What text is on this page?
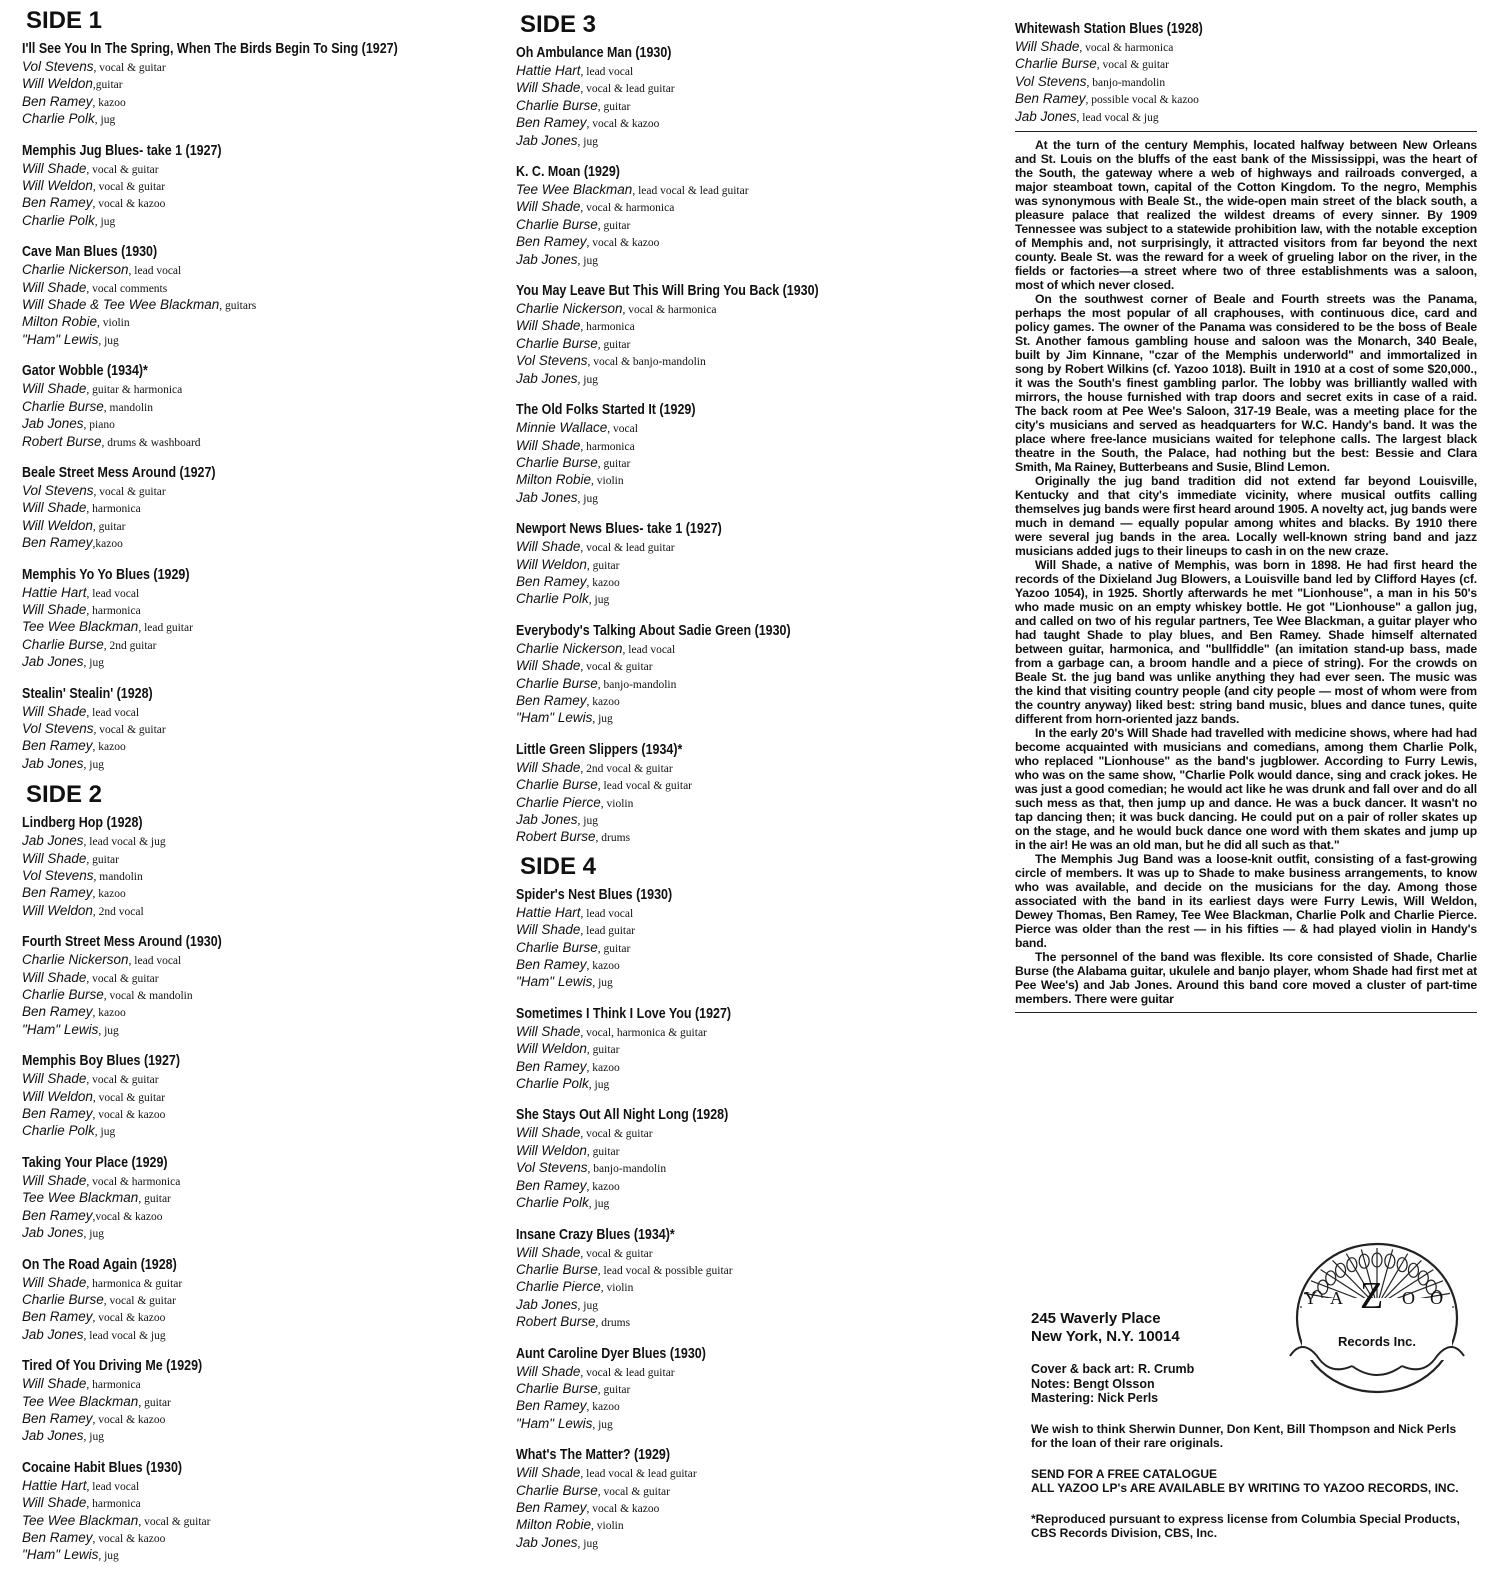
SIDE 1
I'll See You In The Spring, When The Birds Begin To Sing (1927)
Vol Stevens, vocal & guitar
Will Weldon,guitar
Ben Ramey, kazoo
Charlie Polk, jug
Memphis Jug Blues- take 1 (1927)
Will Shade, vocal & guitar
Will Weldon, vocal & guitar
Ben Ramey, vocal & kazoo
Charlie Polk, jug
Cave Man Blues (1930)
Charlie Nickerson, lead vocal
Will Shade, vocal comments
Will Shade & Tee Wee Blackman, guitars
Milton Robie, violin
"Ham" Lewis, jug
Gator Wobble (1934)*
Will Shade, guitar & harmonica
Charlie Burse, mandolin
Jab Jones, piano
Robert Burse, drums & washboard
Beale Street Mess Around (1927)
Vol Stevens, vocal & guitar
Will Shade, harmonica
Will Weldon, guitar
Ben Ramey,kazoo
Memphis Yo Yo Blues (1929)
Hattie Hart, lead vocal
Will Shade, harmonica
Tee Wee Blackman, lead guitar
Charlie Burse, 2nd guitar
Jab Jones, jug
Stealin' Stealin' (1928)
Will Shade, lead vocal
Vol Stevens, vocal & guitar
Ben Ramey, kazoo
Jab Jones, jug
SIDE 2
Lindberg Hop (1928)
Jab Jones, lead vocal & jug
Will Shade, guitar
Vol Stevens, mandolin
Ben Ramey, kazoo
Will Weldon, 2nd vocal
Fourth Street Mess Around (1930)
Charlie Nickerson, lead vocal
Will Shade, vocal & guitar
Charlie Burse, vocal & mandolin
Ben Ramey, kazoo
"Ham" Lewis, jug
Memphis Boy Blues (1927)
Will Shade, vocal & guitar
Will Weldon, vocal & guitar
Ben Ramey, vocal & kazoo
Charlie Polk, jug
Taking Your Place (1929)
Will Shade, vocal & harmonica
Tee Wee Blackman, guitar
Ben Ramey,vocal & kazoo
Jab Jones, jug
On The Road Again (1928)
Will Shade, harmonica & guitar
Charlie Burse, vocal & guitar
Ben Ramey, vocal & kazoo
Jab Jones, lead vocal & jug
Tired Of You Driving Me (1929)
Will Shade, harmonica
Tee Wee Blackman, guitar
Ben Ramey, vocal & kazoo
Jab Jones, jug
Cocaine Habit Blues (1930)
Hattie Hart, lead vocal
Will Shade, harmonica
Tee Wee Blackman, vocal & guitar
Ben Ramey, vocal & kazoo
"Ham" Lewis, jug
SIDE 3
Oh Ambulance Man (1930)
Hattie Hart, lead vocal
Will Shade, vocal & lead guitar
Charlie Burse, guitar
Ben Ramey, vocal & kazoo
Jab Jones, jug
K. C. Moan (1929)
Tee Wee Blackman, lead vocal & lead guitar
Will Shade, vocal & harmonica
Charlie Burse, guitar
Ben Ramey, vocal & kazoo
Jab Jones, jug
You May Leave But This Will Bring You Back (1930)
Charlie Nickerson, vocal & harmonica
Will Shade, harmonica
Charlie Burse, guitar
Vol Stevens, vocal & banjo-mandolin
Jab Jones, jug
The Old Folks Started It (1929)
Minnie Wallace, vocal
Will Shade, harmonica
Charlie Burse, guitar
Milton Robie, violin
Jab Jones, jug
Newport News Blues- take 1 (1927)
Will Shade, vocal & lead guitar
Will Weldon, guitar
Ben Ramey, kazoo
Charlie Polk, jug
Everybody's Talking About Sadie Green (1930)
Charlie Nickerson, lead vocal
Will Shade, vocal & guitar
Charlie Burse, banjo-mandolin
Ben Ramey, kazoo
"Ham" Lewis, jug
Little Green Slippers (1934)*
Will Shade, 2nd vocal & guitar
Charlie Burse, lead vocal & guitar
Charlie Pierce, violin
Jab Jones, jug
Robert Burse, drums
SIDE 4
Spider's Nest Blues (1930)
Hattie Hart, lead vocal
Will Shade, lead guitar
Charlie Burse, guitar
Ben Ramey, kazoo
"Ham" Lewis, jug
Sometimes I Think I Love You (1927)
Will Shade, vocal, harmonica & guitar
Will Weldon, guitar
Ben Ramey, kazoo
Charlie Polk, jug
She Stays Out All Night Long (1928)
Will Shade, vocal & guitar
Will Weldon, guitar
Vol Stevens, banjo-mandolin
Ben Ramey, kazoo
Charlie Polk, jug
Insane Crazy Blues (1934)*
Will Shade, vocal & guitar
Charlie Burse, lead vocal & possible guitar
Charlie Pierce, violin
Jab Jones, jug
Robert Burse, drums
Aunt Caroline Dyer Blues (1930)
Will Shade, vocal & lead guitar
Charlie Burse, guitar
Ben Ramey, kazoo
"Ham" Lewis, jug
What's The Matter? (1929)
Will Shade, lead vocal & lead guitar
Charlie Burse, vocal & guitar
Ben Ramey, vocal & kazoo
Milton Robie, violin
Jab Jones, jug
Whitewash Station Blues (1928)
Will Shade, vocal & harmonica
Charlie Burse, vocal & guitar
Vol Stevens, banjo-mandolin
Ben Ramey, possible vocal & kazoo
Jab Jones, lead vocal & jug

At the turn of the century Memphis, located halfway between New Orleans and St. Louis on the bluffs of the east bank of the Mississippi, was the heart of the South, the gateway where a web of highways and railroads converged, a major steamboat town, capital of the Cotton Kingdom. To the negro, Memphis was synonymous with Beale St., the wide-open main street of the black south, a pleasure palace that realized the wildest dreams of every sinner. By 1909 Tennessee was subject to a statewide prohibition law, with the notable exception of Memphis and, not surprisingly, it attracted visitors from far beyond the next county. Beale St. was the reward for a week of grueling labor on the river, in the fields or factories—a street where two of three establishments was a saloon, most of which never closed.

On the southwest corner of Beale and Fourth streets was the Panama, perhaps the most popular of all craphouses, with continuous dice, card and policy games. The owner of the Panama was considered to be the boss of Beale St. Another famous gambling house and saloon was the Monarch, 340 Beale, built by Jim Kinnane, "czar of the Memphis underworld" and immortalized in song by Robert Wilkins (cf. Yazoo 1018). Built in 1910 at a cost of some $20,000., it was the South's finest gambling parlor. The lobby was brilliantly walled with mirrors, the house furnished with trap doors and secret exits in case of a raid. The back room at Pee Wee's Saloon, 317-19 Beale, was a meeting place for the city's musicians and served as headquarters for W.C. Handy's band. It was the place where free-lance musicians waited for telephone calls. The largest black theatre in the South, the Palace, had nothing but the best: Bessie and Clara Smith, Ma Rainey, Butterbeans and Susie, Blind Lemon.

Originally the jug band tradition did not extend far beyond Louisville, Kentucky and that city's immediate vicinity, where musical outfits calling themselves jug bands were first heard around 1905. A novelty act, jug bands were much in demand — equally popular among whites and blacks. By 1910 there were several jug bands in the area. Locally well-known string band and jazz musicians added jugs to their lineups to cash in on the new craze.

Will Shade, a native of Memphis, was born in 1898. He had first heard the records of the Dixieland Jug Blowers, a Louisville band led by Clifford Hayes (cf. Yazoo 1054), in 1925. Shortly afterwards he met "Lionhouse", a man in his 50's who made music on an empty whiskey bottle. He got "Lionhouse" a gallon jug, and called on two of his regular partners, Tee Wee Blackman, a guitar player who had taught Shade to play blues, and Ben Ramey. Shade himself alternated between guitar, harmonica, and "bullfiddle" (an imitation stand-up bass, made from a garbage can, a broom handle and a piece of string). For the crowds on Beale St. the jug band was unlike anything they had ever seen. The music was the kind that visiting country people (and city people — most of whom were from the country anyway) liked best: string band music, blues and dance tunes, quite different from horn-oriented jazz bands.

In the early 20's Will Shade had travelled with medicine shows, where had had become acquainted with musicians and comedians, among them Charlie Polk, who replaced "Lionhouse" as the band's jugblower. According to Furry Lewis, who was on the same show, "Charlie Polk would dance, sing and crack jokes. He was just a good comedian; he would act like he was drunk and fall over and do all such mess as that, then jump up and dance. He was a buck dancer. It wasn't no tap dancing then; it was buck dancing. He could put on a pair of roller skates up on the stage, and he would buck dance one word with them skates and jump up in the air! He was an old man, but he did all such as that."

The Memphis Jug Band was a loose-knit outfit, consisting of a fast-growing circle of members. It was up to Shade to make business arrangements, to know who was available, and decide on the musicians for the day. Among those associated with the band in its earliest days were Furry Lewis, Will Weldon, Dewey Thomas, Ben Ramey, Tee Wee Blackman, Charlie Polk and Charlie Pierce. Pierce was older than the rest — in his fifties — & had played violin in Handy's band.

The personnel of the band was flexible. Its core consisted of Shade, Charlie Burse (the Alabama guitar, ukulele and banjo player, whom Shade had first met at Pee Wee's) and Jab Jones. Around this band core moved a cluster of part-time members. There were guitar

Y A Z O O
Records Inc.
245 Waverly Place
New York, N.Y. 10014
Cover & back art: R. Crumb
Notes: Bengt Olsson
Mastering: Nick Perls
We wish to think Sherwin Dunner, Don Kent, Bill Thompson and Nick Perls for the loan of their rare originals.
SEND FOR A FREE CATALOGUE
ALL YAZOO LP's ARE AVAILABLE BY WRITING TO YAZOO RECORDS, INC.
*Reproduced pursuant to express license from Columbia Special Products, CBS Records Division, CBS, Inc.
